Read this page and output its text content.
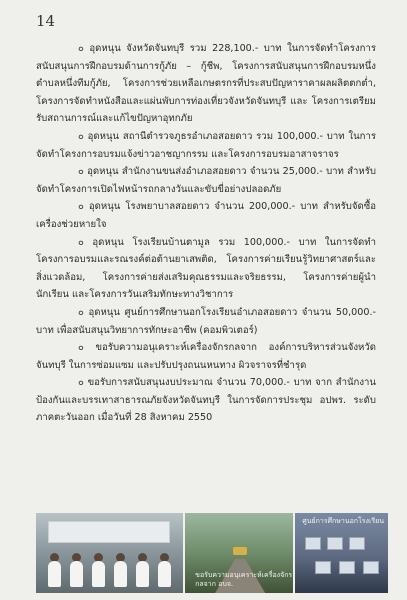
14

๐ อุดหนุน จังหวัดจันทบุรี รวม 228,100.- บาท ในการจัดทำโครงการสนับสนุนการฝึกอบรมด้านการกู้ภัย – กู้ชีพ, โครงการสนับสนุนการฝึกอบรมหนึ่งตำบลหนึ่งทีมกู้ภัย, โครงการช่วยเหลือเกษตรกรที่ประสบปัญหาราคาผลผลิตตกต่ำ, โครงการจัดทำหนังสือและแผ่นพับการท่องเที่ยวจังหวัดจันทบุรี และ โครงการเตรียมรับสถานการณ์และแก้ไขปัญหาอุทกภัย

๐ อุดหนุน สถานีตำรวจภูธรอำเภอสอยดาว รวม 100,000.- บาท ในการจัดทำโครงการอบรมแจ้งข่าวอาชญากรรม และโครงการอบรมอาสาจราจร

๐ อุดหนุน สำนักงานขนส่งอำเภอสอยดาว จำนวน 25,000.- บาท สำหรับจัดทำโครงการเปิดไฟหน้ารถกลางวันและขับขี่อย่างปลอดภัย

๐ อุดหนุน โรงพยาบาลสอยดาว จำนวน 200,000.- บาท สำหรับจัดซื้อเครื่องช่วยหายใจ

๐ อุดหนุน โรงเรียนบ้านตามูล รวม 100,000.- บาท ในการจัดทำโครงการอบรมและรณรงค์ต่อต้านยาเสพติด, โครงการค่ายเรียนรู้วิทยาศาสตร์และสิ่งแวดล้อม, โครงการค่ายส่งเสริมคุณธรรมและจริยธรรม, โครงการค่ายผู้นำนักเรียน และโครงการวันเสริมทักษะทางวิชาการ

๐ อุดหนุน ศูนย์การศึกษานอกโรงเรียนอำเภอสอยดาว จำนวน 50,000.- บาท เพื่อสนับสนุนวิทยาการทักษะอาชีพ (คอมพิวเตอร์)

๐ ขอรับความอนุเคราะห์เครื่องจักรกลจาก องค์การบริหารส่วนจังหวัดจันทบุรี ในการซ่อมแซม และปรับปรุงถนนหนทาง ผิวจราจรที่ชำรุด

๐ ขอรับการสนับสนุนงบประมาณ จำนวน 70,000.- บาท จาก สำนักงานป้องกันและบรรเทาสาธารณภัยจังหวัดจันทบุรี ในการจัดการประชุม อปพร. ระดับภาคตะวันออก เมื่อวันที่ 28 สิงหาคม 2550

ขอรับความอนุเคราะห์เครื่องจักรกลจาก อบจ.
ศูนย์การศึกษานอกโรงเรียน
